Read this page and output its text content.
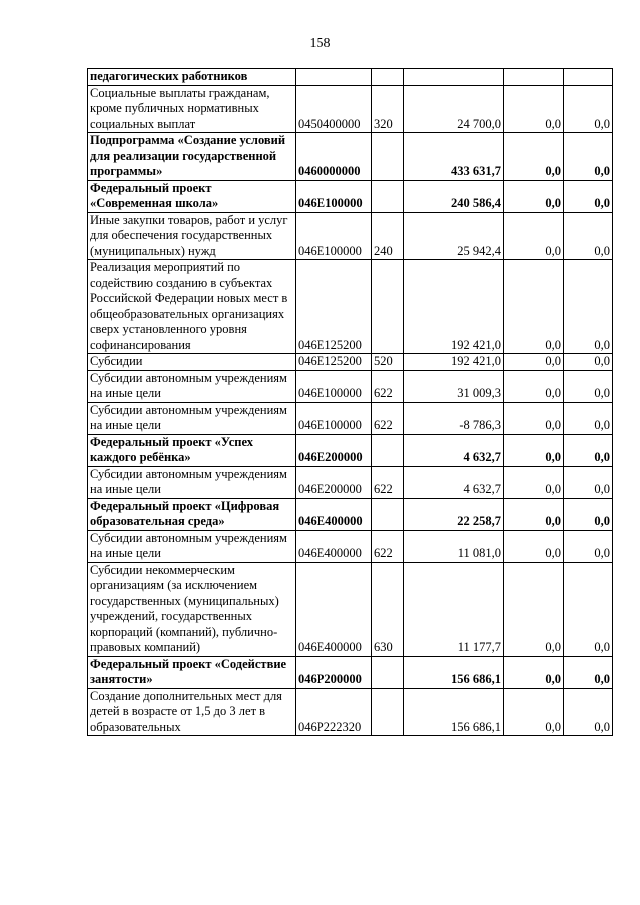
158
педагогических работников					
Социальные выплаты гражданам, кроме публичных нормативных социальных выплат	0450400000	320	24 700,0	0,0	0,0
Подпрограмма «Создание условий для реализации государственной программы»	0460000000		433 631,7	0,0	0,0
Федеральный проект «Современная школа»	046E100000		240 586,4	0,0	0,0
Иные закупки товаров, работ и услуг для обеспечения государственных (муниципальных) нужд	046E100000	240	25 942,4	0,0	0,0
Реализация мероприятий по содействию созданию в субъектах Российской Федерации новых мест в общеобразовательных организациях сверх установленного уровня софинансирования	046E125200		192 421,0	0,0	0,0
Субсидии	046E125200	520	192 421,0	0,0	0,0
Субсидии автономным учреждениям на иные цели	046E100000	622	31 009,3	0,0	0,0
Субсидии автономным учреждениям на иные цели	046E100000	622	-8 786,3	0,0	0,0
Федеральный проект «Успех каждого ребёнка»	046E200000		4 632,7	0,0	0,0
Субсидии автономным учреждениям на иные цели	046E200000	622	4 632,7	0,0	0,0
Федеральный проект «Цифровая образовательная среда»	046E400000		22 258,7	0,0	0,0
Субсидии автономным учреждениям на иные цели	046E400000	622	11 081,0	0,0	0,0
Субсидии некоммерческим организациям (за исключением государственных (муниципальных) учреждений, государственных корпораций (компаний), публично-правовых компаний)	046E400000	630	11 177,7	0,0	0,0
Федеральный проект «Содействие занятости»	046P200000		156 686,1	0,0	0,0
Создание дополнительных мест для детей в возрасте от 1,5 до 3 лет в образовательных	046P222320		156 686,1	0,0	0,0
